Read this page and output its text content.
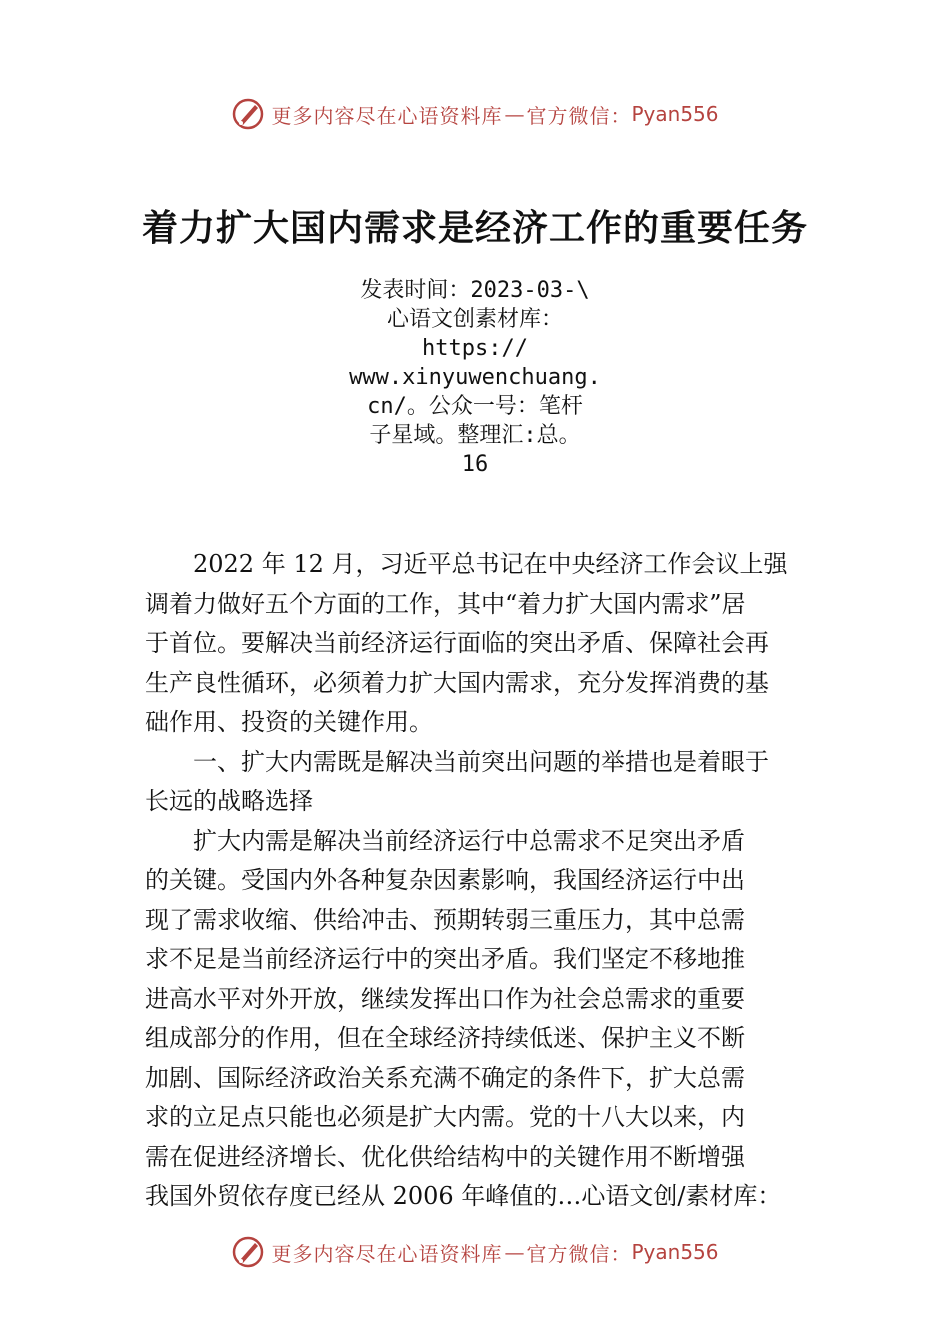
更多内容尽在心语资料库 — 官方微信： Pyan556
着力扩大国内需求是经济工作的重要任务
发表时间：2023-03-\
心语文创素材库：
https://
www.xinyuwenchuang.
cn/。公众一号：笔杆
子星域。整理汇:总。
16
2022 年 12 月，习近平总书记在中央经济工作会议上强
调着力做好五个方面的工作，其中“着力扩大国内需求”居
于首位。要解决当前经济运行面临的突出矛盾、保障社会再
生产良性循环，必须着力扩大国内需求，充分发挥消费的基
础作用、投资的关键作用。
一、扩大内需既是解决当前突出问题的举措也是着眼于
长远的战略选择
扩大内需是解决当前经济运行中总需求不足突出矛盾
的关键。受国内外各种复杂因素影响，我国经济运行中出
现了需求收缩、供给冲击、预期转弱三重压力，其中总需
求不足是当前经济运行中的突出矛盾。我们坚定不移地推
进高水平对外开放，继续发挥出口作为社会总需求的重要
组成部分的作用，但在全球经济持续低迷、保护主义不断
加剧、国际经济政治关系充满不确定的条件下，扩大总需
求的立足点只能也必须是扩大内需。党的十八大以来，内
需在促进经济增长、优化供给结构中的关键作用不断增强
我国外贸依存度已经从 2006 年峰值的…心语文创/素材库：
更多内容尽在心语资料库 — 官方微信： Pyan556
